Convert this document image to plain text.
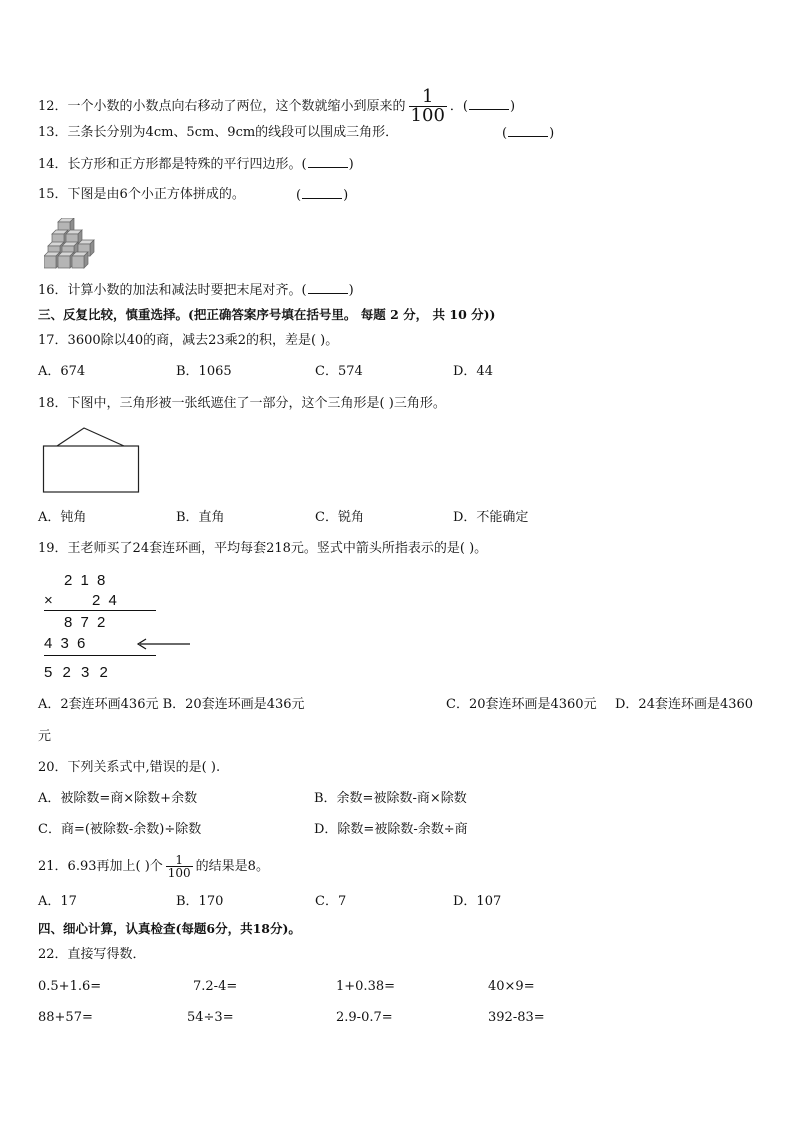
12．一个小数的小数点向右移动了两位，这个数就缩小到原来的 $\frac{1}{100}$ ．(	)
13．三条长分别为4cm、5cm、9cm的线段可以围成三角形．	(	)
14．长方形和正方形都是特殊的平行四边形。(	)
15．下图是由6个小正方体拼成的。	(	)
16．计算小数的加法和减法时要把末尾对齐。(	)
三、反复比较，慎重选择。(把正确答案序号填在括号里。 每题 2 分， 共 10 分))
17．3600除以40的商，减去23乘2的积，差是( )。
A．674	B．1065	C．574	D．44
18．下图中，三角形被一张纸遮住了一部分，这个三角形是( )三角形。
A．钝角	B．直角	C．锐角	D．不能确定
19．王老师买了24套连环画，平均每套218元。竖式中箭头所指表示的是( )。
2 1 8
×	2 4
8 7 2
4 3 6
5 2 3 2
A．2套连环画436元 B．20套连环画是436元	C．20套连环画是4360元 D．24套连环画是4360
元
20．下列关系式中,错误的是( ).
A．被除数=商×除数+余数	B．余数=被除数-商×除数
C．商=(被除数-余数)÷除数	D．除数=被除数-余数÷商
21．6.93再加上( )个 $\frac{1}{100}$ 的结果是8。
A．17	B．170	C．7	D．107
四、细心计算，认真检查(每题6分，共18分)。
22．直接写得数．
0.5+1.6=	7.2-4=	1+0.38=	40×9=
88+57=	54÷3=	2.9-0.7=	392-83=
